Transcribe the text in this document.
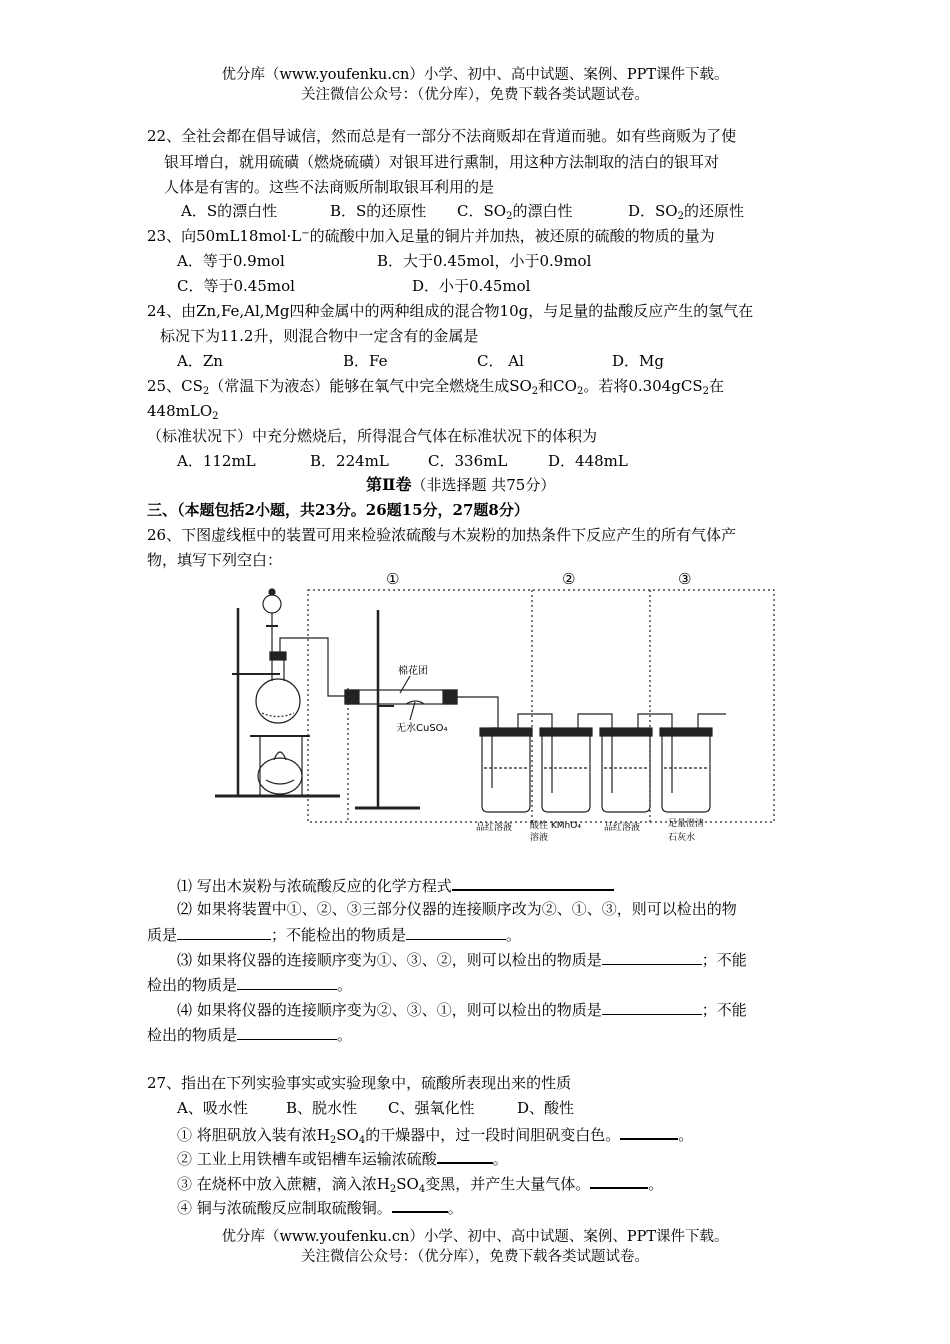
优分库（www.youfenku.cn）小学、初中、高中试题、案例、PPT课件下载。
关注微信公众号：（优分库），免费下载各类试题试卷。
22、全社会都在倡导诚信，然而总是有一部分不法商贩却在背道而驰。如有些商贩为了使
银耳增白，就用硫磺（燃烧硫磺）对银耳进行熏制，用这种方法制取的洁白的银耳对
人体是有害的。这些不法商贩所制取银耳利用的是
A．S的漂白性	B．S的还原性 C．$SO_2$的漂白性	D．$SO_2$的还原性
23、向50mL18mol·L−的硫酸中加入足量的铜片并加热，被还原的硫酸的物质的量为
A．等于0.9mol	B．大于0.45mol，小于0.9mol
C．等于0.45mol	D．小于0.45mol
24、由Zn,Fe,Al,Mg四种金属中的两种组成的混合物10g，与足量的盐酸反应产生的氢气在
标况下为11.2升，则混合物中一定含有的金属是
A．Zn	B．Fe	C． Al	D．Mg
25、$CS_2$（常温下为液态）能够在氧气中完全燃烧生成$SO_2$和$CO_2$。若将0.304gCS$_2$在
448mLO$_2$
（标准状况下）中充分燃烧后，所得混合气体在标准状况下的体积为
A．112mL	B．224mL	C．336mL	D．448mL
第Ⅱ卷（非选择题 共75分）
三、（本题包括2小题，共23分。26题15分，27题8分）
26、下图虚线框中的装置可用来检验浓硫酸与木炭粉的加热条件下反应产生的所有气体产
物，填写下列空白：
①	②	③
棉花团
无水CuSO₄
品红溶液 酸性 KMnO₄
溶液
品红溶液	足量澄清
石灰水
⑴ 写出木炭粉与浓硫酸反应的化学方程式
⑵ 如果将装置中①、②、③三部分仪器的连接顺序改为②、①、③，则可以检出的物
质是	；不能检出的物质是	。
⑶ 如果将仪器的连接顺序变为①、③、②，则可以检出的物质是	；不能
检出的物质是	。
⑷ 如果将仪器的连接顺序变为②、③、①，则可以检出的物质是	；不能
检出的物质是	。
27、指出在下列实验事实或实验现象中，硫酸所表现出来的性质
A、吸水性	B、脱水性 C、强氧化性	D、酸性
① 将胆矾放入装有浓$H_2SO_4$的干燥器中，过一段时间胆矾变白色。	。
② 工业上用铁槽车或铝槽车运输浓硫酸	。
③ 在烧杯中放入蔗糖，滴入浓$H_2SO_4$变黑，并产生大量气体。	。
④ 铜与浓硫酸反应制取硫酸铜。	。
优分库（www.youfenku.cn）小学、初中、高中试题、案例、PPT课件下载。
关注微信公众号：（优分库），免费下载各类试题试卷。
